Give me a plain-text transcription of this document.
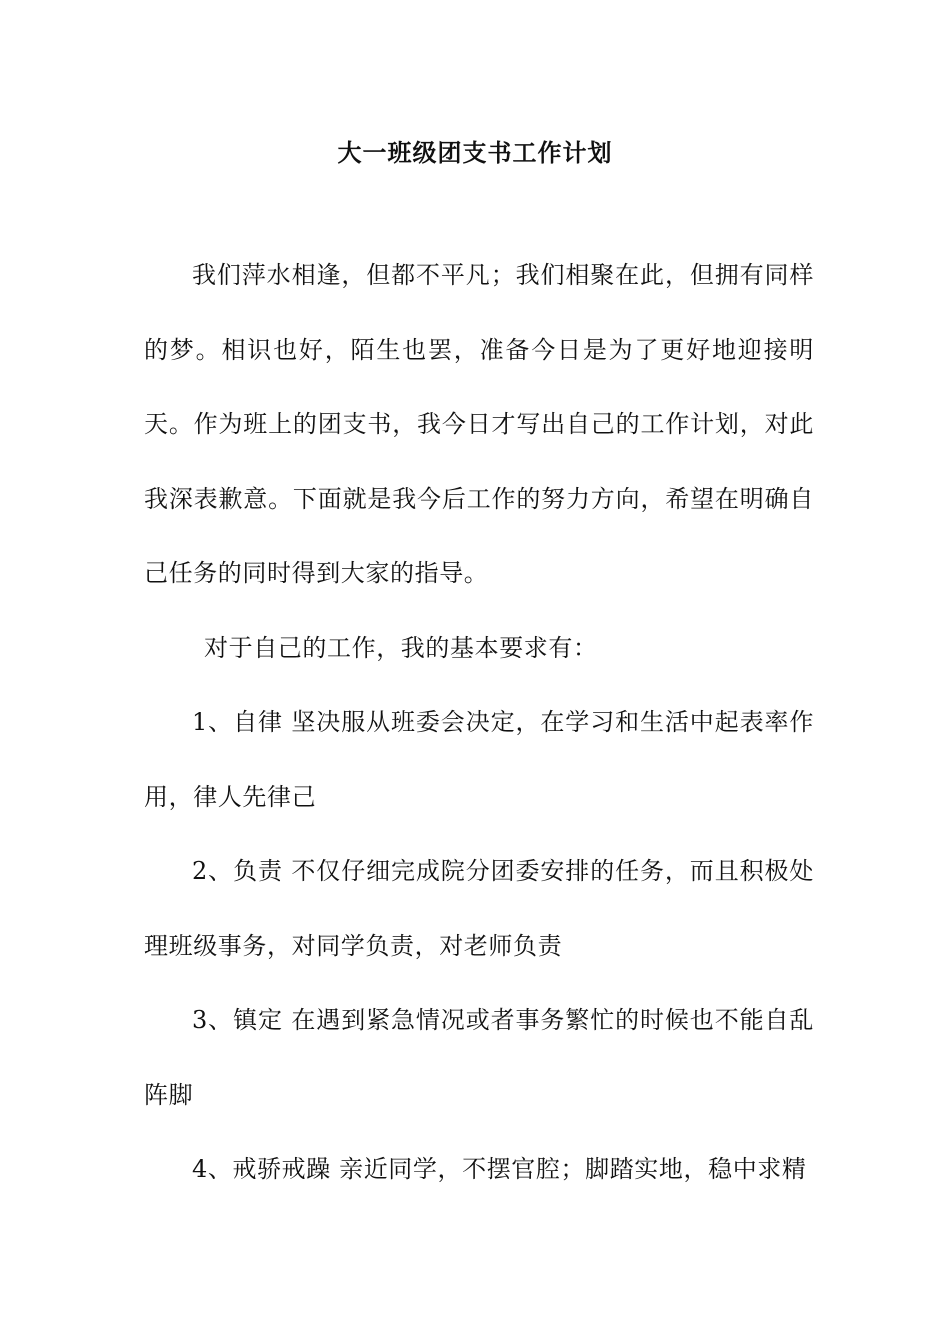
大一班级团支书工作计划

我们萍水相逢，但都不平凡；我们相聚在此，但拥有同样的梦。相识也好，陌生也罢，准备今日是为了更好地迎接明天。作为班上的团支书，我今日才写出自己的工作计划，对此我深表歉意。下面就是我今后工作的努力方向，希望在明确自己任务的同时得到大家的指导。

对于自己的工作，我的基本要求有：

1、自律 坚决服从班委会决定，在学习和生活中起表率作用，律人先律己

2、负责 不仅仔细完成院分团委安排的任务，而且积极处理班级事务，对同学负责，对老师负责

3、镇定 在遇到紧急情况或者事务繁忙的时候也不能自乱阵脚

4、戒骄戒躁 亲近同学，不摆官腔；脚踏实地，稳中求精
